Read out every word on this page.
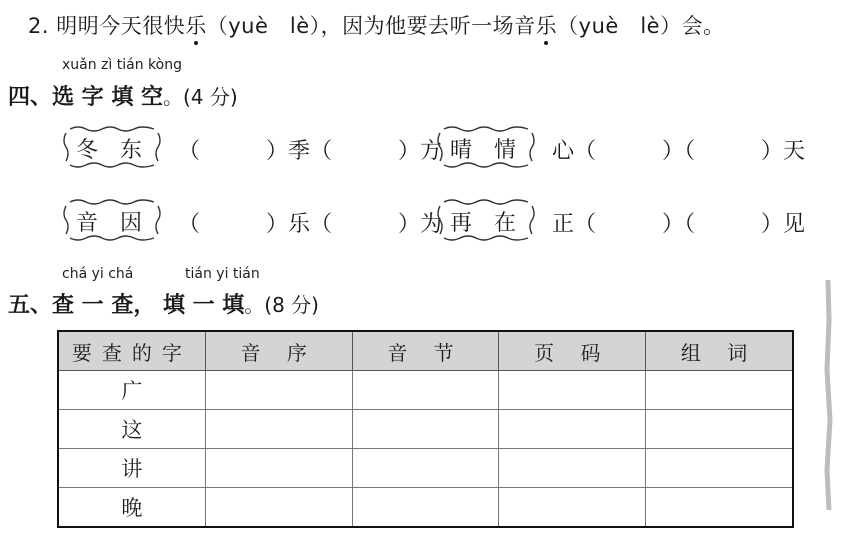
2. 明明今天很快乐（yuè　lè），因为他要去听一场音乐（yuè　lè）会。
xuǎn zì tián kòng
四、选 字 填 空。(4 分)
冬　东 （　　　）季（　　　）方 晴　情 心（　　　）（　　　）天
音　因 （　　　）乐（　　　）为 再　在 正（　　　）（　　　）见
chá yi chá	tián yi tián
五、查 一 查， 填 一 填。(8 分)
要查的字	音 序	音 节	页 码	组 词
广				
这				
讲				
晚				
